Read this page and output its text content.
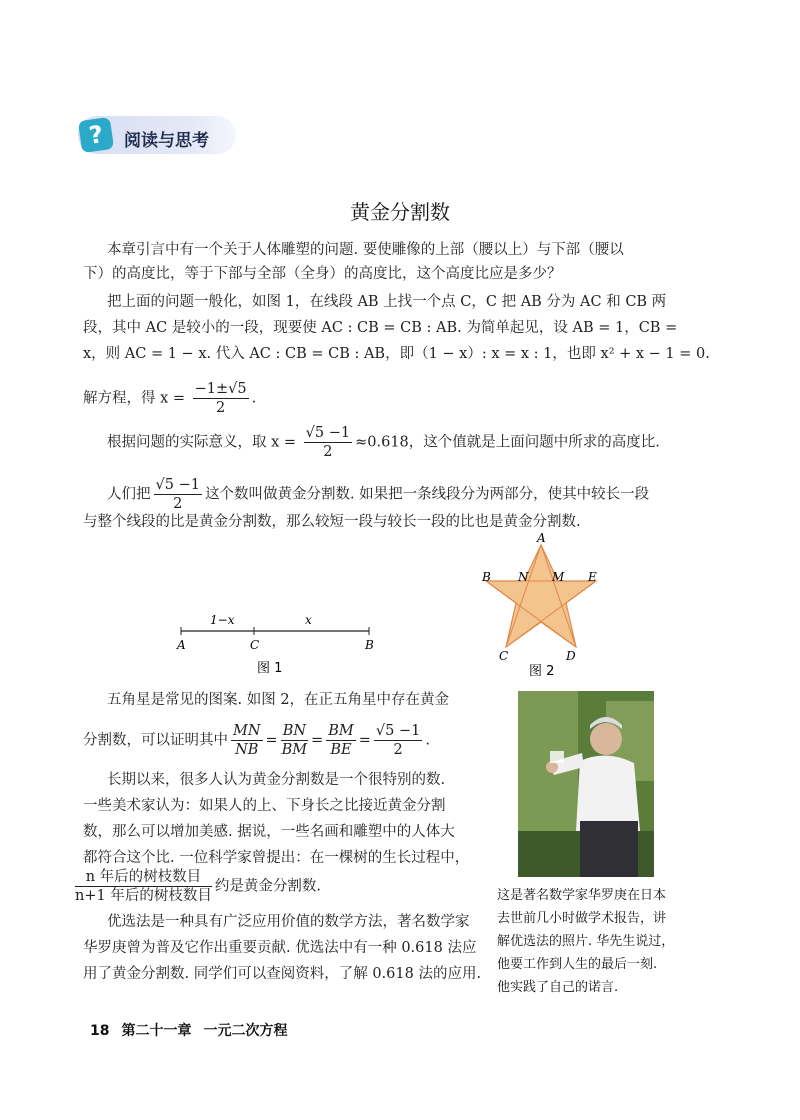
?	阅读与思考
黄金分割数
本章引言中有一个关于人体雕塑的问题. 要使雕像的上部（腰以上）与下部（腰以
下）的高度比，等于下部与全部（全身）的高度比，这个高度比应是多少？
把上面的问题一般化，如图 1，在线段 AB 上找一个点 C，C 把 AB 分为 AC 和 CB 两
段，其中 AC 是较小的一段，现要使 AC : CB = CB : AB. 为简单起见，设 AB = 1，CB =
x，则 AC = 1 − x. 代入 AC : CB = CB : AB，即（1 − x）: x = x : 1，也即 x² + x − 1 = 0.
解方程，得 $x = \frac{-1\pm√5}{2}$ .
根据问题的实际意义，取 $x = \frac{√5 -1}{2} \approx 0.618$，这个值就是上面问题中所求的高度比.
人们把 $\frac{√5 -1}{2}$ 这个数叫做黄金分割数. 如果把一条线段分为两部分，使其中较长一段
与整个线段的比是黄金分割数，那么较短一段与较长一段的比也是黄金分割数.
1−x	x
A	C	B
图 1
A
B N M E
C	D
图 2
五角星是常见的图案. 如图 2，在正五角星中存在黄金
分割数，可以证明其中 $\frac{MN}{NB} = \frac{BN}{BM} = \frac{BM}{BE} = \frac{√5 -1}{2}$ .
长期以来，很多人认为黄金分割数是一个很特别的数.
一些美术家认为：如果人的上、下身长之比接近黄金分割
数，那么可以增加美感. 据说，一些名画和雕塑中的人体大
都符合这个比. 一位科学家曾提出：在一棵树的生长过程中，
$\frac{\text{n 年后的树枝数目}}{\text{n+1 年后的树枝数目}}$ 约是黄金分割数.
优选法是一种具有广泛应用价值的数学方法，著名数学家
华罗庚曾为普及它作出重要贡献. 优选法中有一种 0.618 法应
用了黄金分割数. 同学们可以查阅资料，了解 0.618 法的应用.
这是著名数学家华罗庚在日本
去世前几小时做学术报告，讲
解优选法的照片. 华先生说过，
他要工作到人生的最后一刻.
他实践了自己的诺言.
18 第二十一章 一元二次方程
